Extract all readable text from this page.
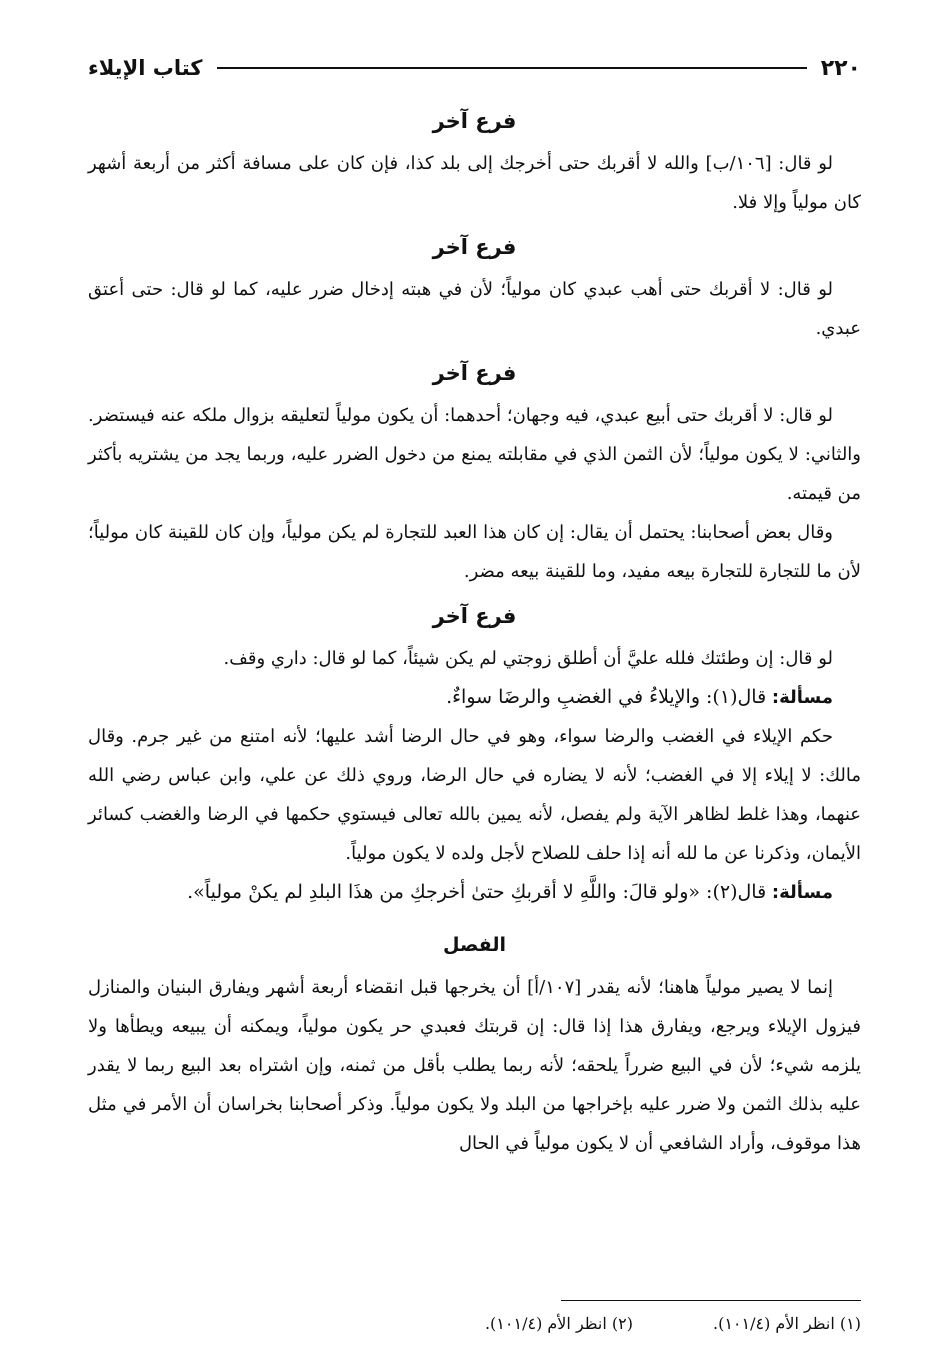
٢٢٠
كتاب الإيلاء
فرع آخر

لو قال: [١٠٦/ب] والله لا أقربك حتى أخرجك إلى بلد كذا، فإن كان على مسافة أكثر من أربعة أشهر كان مولياً وإلا فلا.

فرع آخر

لو قال: لا أقربك حتى أهب عبدي كان مولياً؛ لأن في هبته إدخال ضرر عليه، كما لو قال: حتى أعتق عبدي.

فرع آخر

لو قال: لا أقربك حتى أبيع عبدي، فيه وجهان؛ أحدهما: أن يكون مولياً لتعليقه بزوال ملكه عنه فيستضر. والثاني: لا يكون مولياً؛ لأن الثمن الذي في مقابلته يمنع من دخول الضرر عليه، وربما يجد من يشتريه بأكثر من قيمته.

وقال بعض أصحابنا: يحتمل أن يقال: إن كان هذا العبد للتجارة لم يكن مولياً، وإن كان للقينة كان مولياً؛ لأن ما للتجارة للتجارة بيعه مفيد، وما للقينة بيعه مضر.

فرع آخر

لو قال: إن وطئتك فلله عليَّ أن أطلق زوجتي لم يكن شيئاً، كما لو قال: داري وقف.

مسألة: قال(١): والإيلاءُ في الغضبِ والرضَا سواءٌ.

حكم الإيلاء في الغضب والرضا سواء، وهو في حال الرضا أشد عليها؛ لأنه امتنع من غير جرم. وقال مالك: لا إيلاء إلا في الغضب؛ لأنه لا يضاره في حال الرضا، وروي ذلك عن علي، وابن عباس رضي الله عنهما، وهذا غلط لظاهر الآية ولم يفصل، لأنه يمين بالله تعالى فيستوي حكمها في الرضا والغضب كسائر الأيمان، وذكرنا عن ما لله أنه إذا حلف للصلاح لأجل ولده لا يكون مولياً.

مسألة: قال(٢): «ولو قالَ: واللَّهِ لا أقربكِ حتىٰ أخرجكِ من هذَا البلدِ لم يكنْ مولياً».

الفصل

إنما لا يصير مولياً هاهنا؛ لأنه يقدر [١٠٧/أ] أن يخرجها قبل انقضاء أربعة أشهر ويفارق البنيان والمنازل فيزول الإيلاء ويرجع، ويفارق هذا إذا قال: إن قربتك فعبدي حر يكون مولياً، ويمكنه أن يبيعه ويطأها ولا يلزمه شيء؛ لأن في البيع ضرراً يلحقه؛ لأنه ربما يطلب بأقل من ثمنه، وإن اشتراه بعد البيع ربما لا يقدر عليه بذلك الثمن ولا ضرر عليه بإخراجها من البلد ولا يكون مولياً. وذكر أصحابنا بخراسان أن الأمر في مثل هذا موقوف، وأراد الشافعي أن لا يكون مولياً في الحال

(١) انظر الأم (١٠١/٤).
(٢) انظر الأم (١٠١/٤).
